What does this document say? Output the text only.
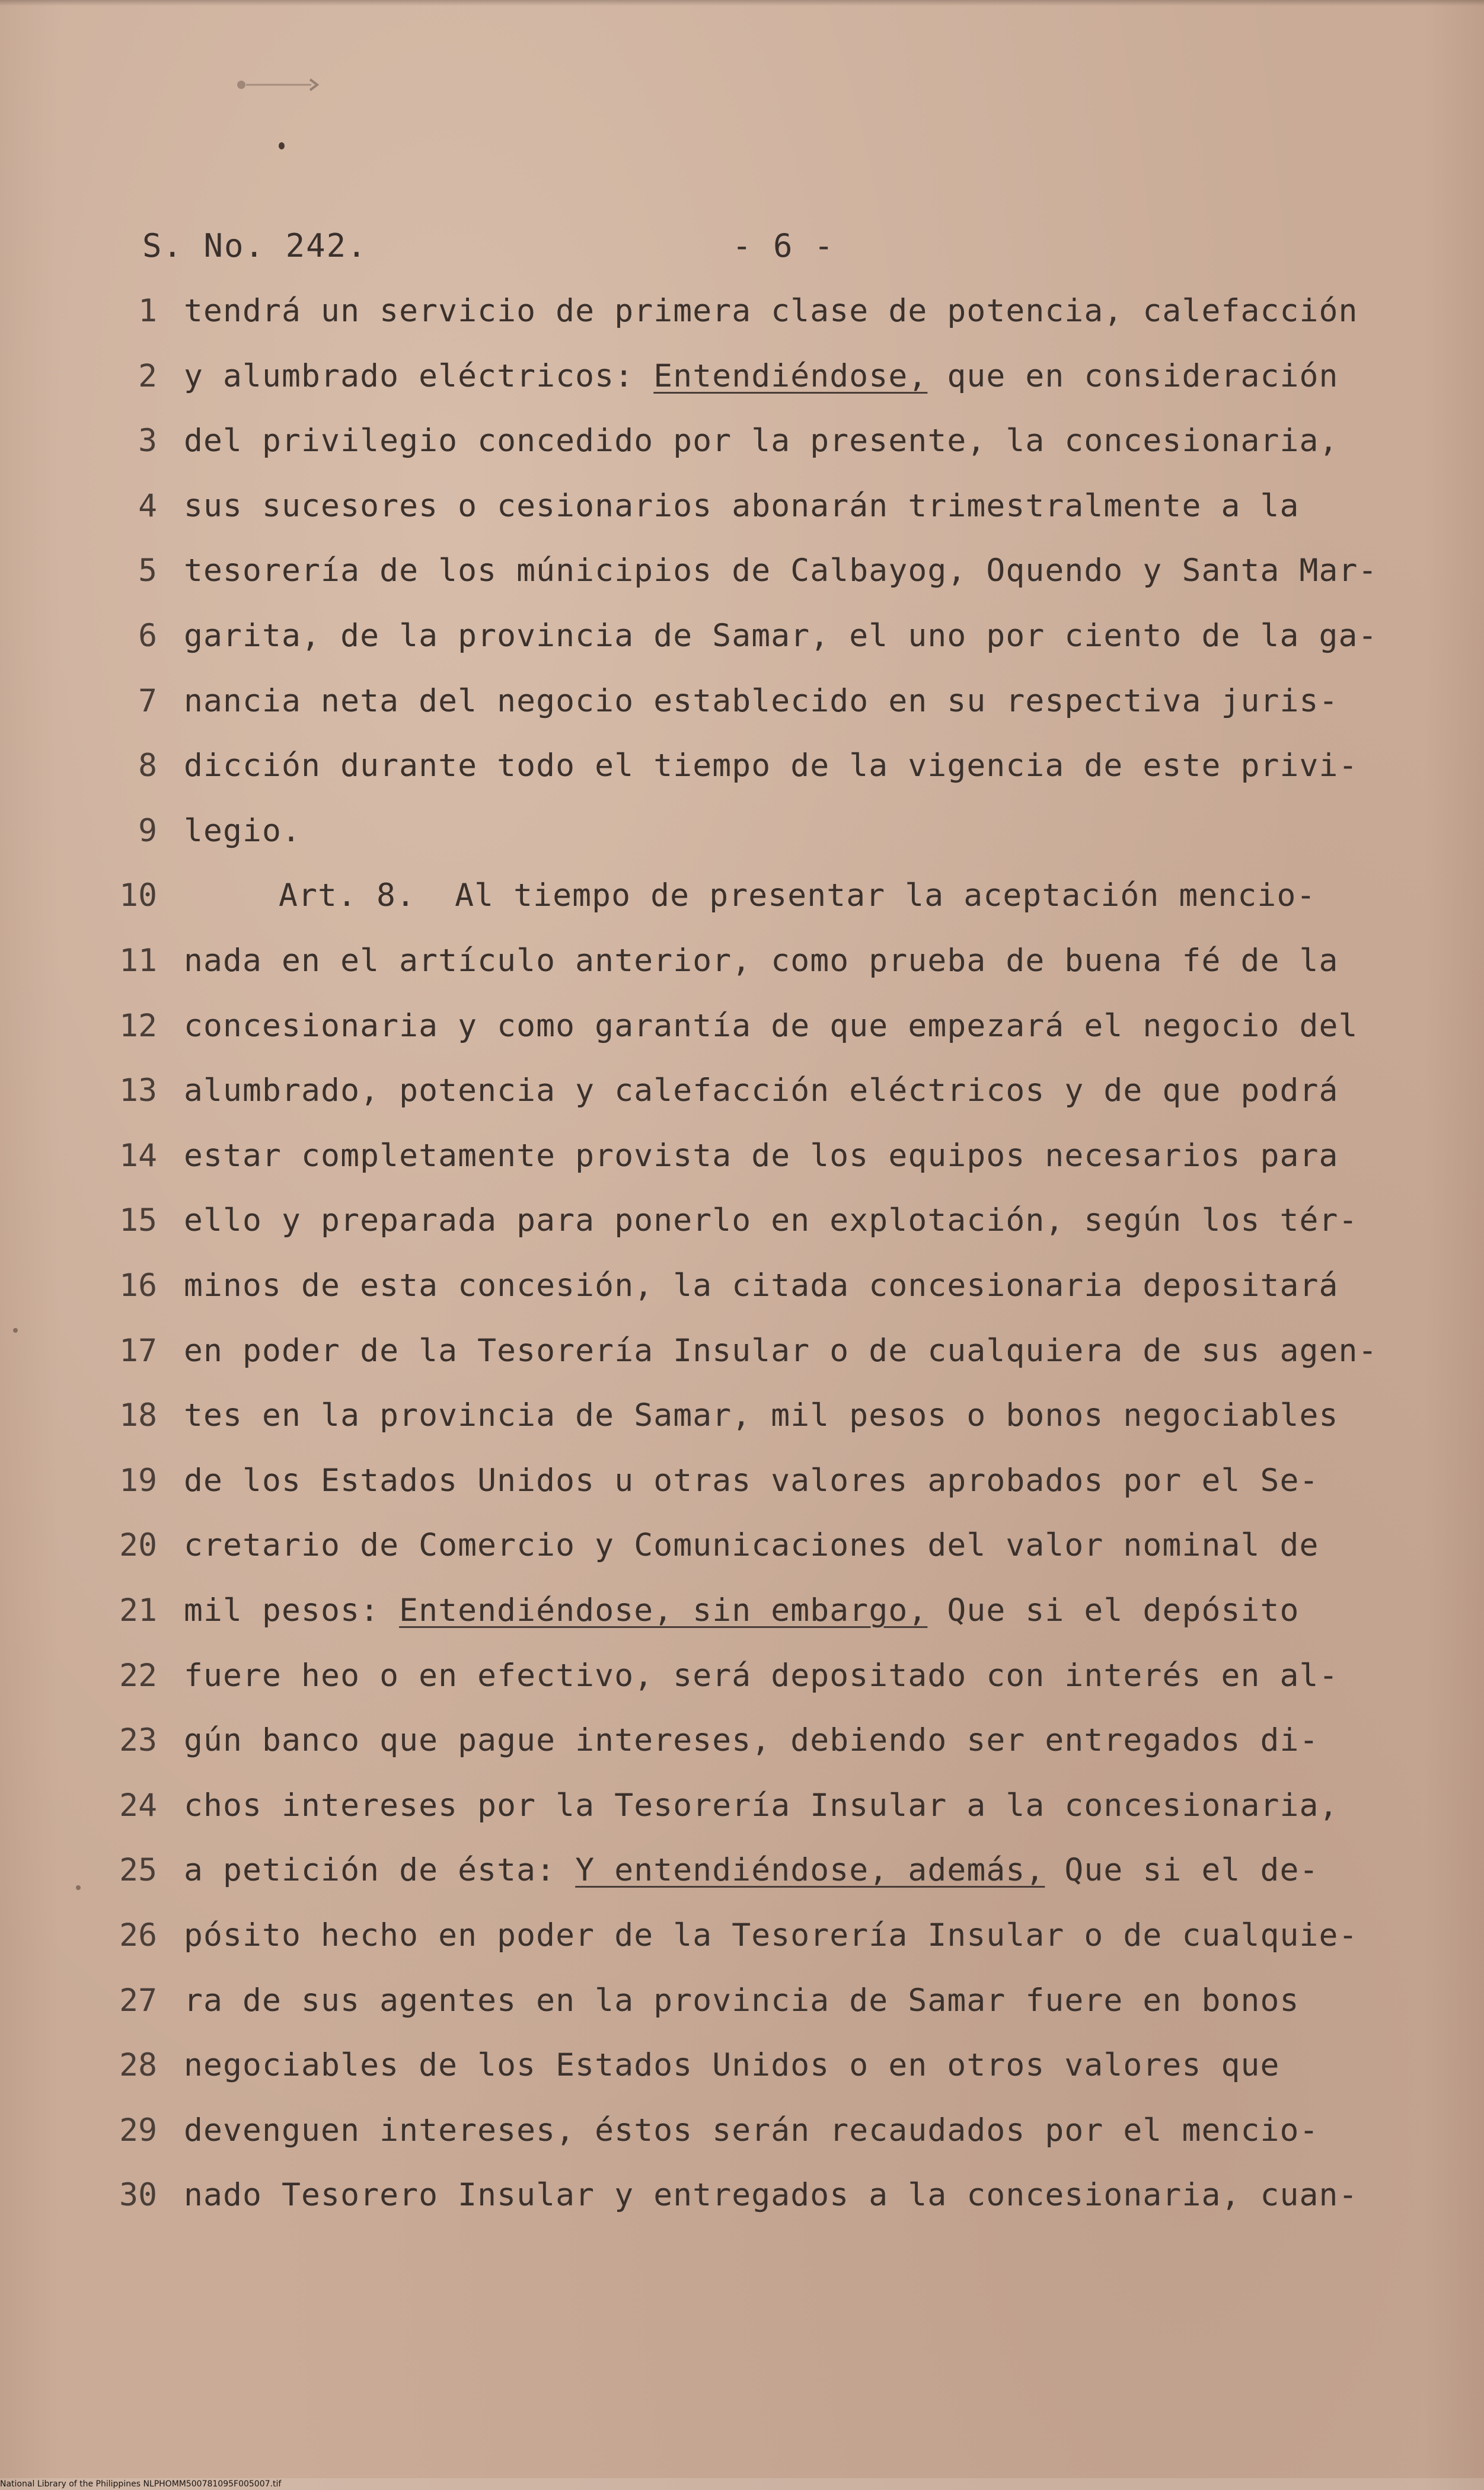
S. No. 242.	- 6 -
1 tendrá un servicio de primera clase de potencia, calefacción
2 y alumbrado eléctricos: Entendiéndose, que en consideración
3 del privilegio concedido por la presente, la concesionaria,
4 sus sucesores o cesionarios abonarán trimestralmente a la
5 tesorería de los múnicipios de Calbayog, Oquendo y Santa Mar-
6 garita, de la provincia de Samar, el uno por ciento de la ga-
7 nancia neta del negocio establecido en su respectiva juris-
8 dicción durante todo el tiempo de la vigencia de este privi-
9 legio.
10	Art. 8.  Al tiempo de presentar la aceptación mencio-
11 nada en el artículo anterior, como prueba de buena fé de la
12 concesionaria y como garantía de que empezará el negocio del
13 alumbrado, potencia y calefacción eléctricos y de que podrá
14 estar completamente provista de los equipos necesarios para
15 ello y preparada para ponerlo en explotación, según los tér-
16 minos de esta concesión, la citada concesionaria depositará
17 en poder de la Tesorería Insular o de cualquiera de sus agen-
18 tes en la provincia de Samar, mil pesos o bonos negociables
19 de los Estados Unidos u otras valores aprobados por el Se-
20 cretario de Comercio y Comunicaciones del valor nominal de
21 mil pesos: Entendiéndose, sin embargo, Que si el depósito
22 fuere heo o en efectivo, será depositado con interés en al-
23 gún banco que pague intereses, debiendo ser entregados di-
24 chos intereses por la Tesorería Insular a la concesionaria,
25 a petición de ésta: Y entendiéndose, además, Que si el de-
26 pósito hecho en poder de la Tesorería Insular o de cualquie-
27 ra de sus agentes en la provincia de Samar fuere en bonos
28 negociables de los Estados Unidos o en otros valores que
29 devenguen intereses, éstos serán recaudados por el mencio-
30 nado Tesorero Insular y entregados a la concesionaria, cuan-
National Library of the Philippines NLPHOMM500781095F005007.tif
